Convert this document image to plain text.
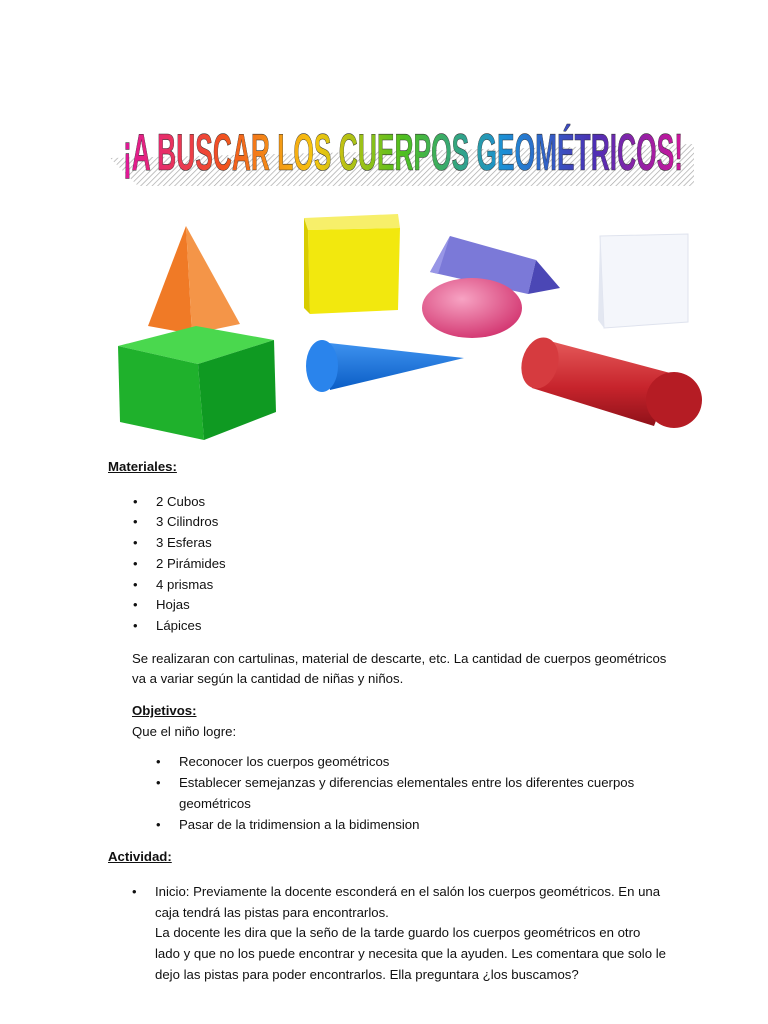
¡A BUSCAR LOS CUERPOS GEOMÉTRICOS!

Materiales:

• 2 Cubos
• 3 Cilindros
• 3 Esferas
• 2 Pirámides
• 4 prismas
• Hojas
• Lápices

Se realizaran con cartulinas, material de descarte, etc. La cantidad de cuerpos geométricos va a variar según la cantidad de niñas y niños.

Objetivos:

Que el niño logre:

• Reconocer los cuerpos geométricos
• Establecer semejanzas y diferencias elementales entre los diferentes cuerpos geométricos
• Pasar de la tridimension a la bidimension

Actividad:

• Inicio: Previamente la docente esconderá en el salón los cuerpos geométricos. En una caja tendrá las pistas para encontrarlos.
La docente les dira que la seño de la tarde guardo los cuerpos geométricos en otro lado y que no los puede encontrar y necesita que la ayuden. Les comentara que solo le dejo las pistas para poder encontrarlos. Ella preguntara ¿los buscamos?
